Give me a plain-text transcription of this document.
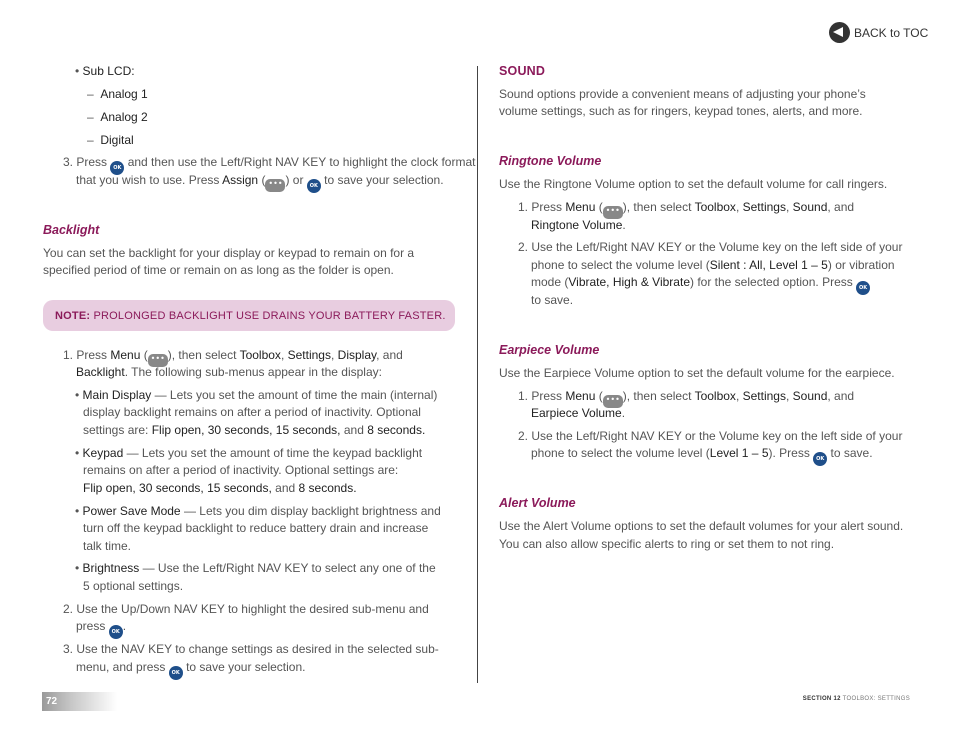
BACK to TOC
• Sub LCD:
–  Analog 1
–  Analog 2
–  Digital
3. Press OK and then use the Left/Right NAV KEY to highlight the clock format
that you wish to use. Press Assign ( ••• ) or OK to save your selection.
Backlight
You can set the backlight for your display or keypad to remain on for a
specified period of time or remain on as long as the folder is open.
NOTE: PROLONGED BACKLIGHT USE DRAINS YOUR BATTERY FASTER.
1. Press Menu ( ••• ), then select Toolbox, Settings, Display, and
Backlight. The following sub-menus appear in the display:
• Main Display — Lets you set the amount of time the main (internal)
display backlight remains on after a period of inactivity. Optional
settings are: Flip open, 30 seconds, 15 seconds, and 8 seconds.
• Keypad — Lets you set the amount of time the keypad backlight
remains on after a period of inactivity. Optional settings are:
Flip open, 30 seconds, 15 seconds, and 8 seconds.
• Power Save Mode — Lets you dim display backlight brightness and
turn off the keypad backlight to reduce battery drain and increase
talk time.
• Brightness — Use the Left/Right NAV KEY to select any one of the
5 optional settings.
2. Use the Up/Down NAV KEY to highlight the desired sub-menu and
press OK .
3. Use the NAV KEY to change settings as desired in the selected sub-
menu, and press OK to save your selection.
SOUND
Sound options provide a convenient means of adjusting your phone’s
volume settings, such as for ringers, keypad tones, alerts, and more.
Ringtone Volume
Use the Ringtone Volume option to set the default volume for call ringers.
1. Press Menu ( ••• ), then select Toolbox, Settings, Sound, and
Ringtone Volume.
2. Use the Left/Right NAV KEY or the Volume key on the left side of your
phone to select the volume level (Silent : All, Level 1 – 5) or vibration
mode (Vibrate, High & Vibrate) for the selected option. Press OK
to save.
Earpiece Volume
Use the Earpiece Volume option to set the default volume for the earpiece.
1. Press Menu ( ••• ), then select Toolbox, Settings, Sound, and
Earpiece Volume.
2. Use the Left/Right NAV KEY or the Volume key on the left side of your
phone to select the volume level (Level 1 – 5). Press OK to save.
Alert Volume
Use the Alert Volume options to set the default volumes for your alert sound.
You can also allow specific alerts to ring or set them to not ring.
72	SECTION 12 TOOLBOX: SETTINGS
